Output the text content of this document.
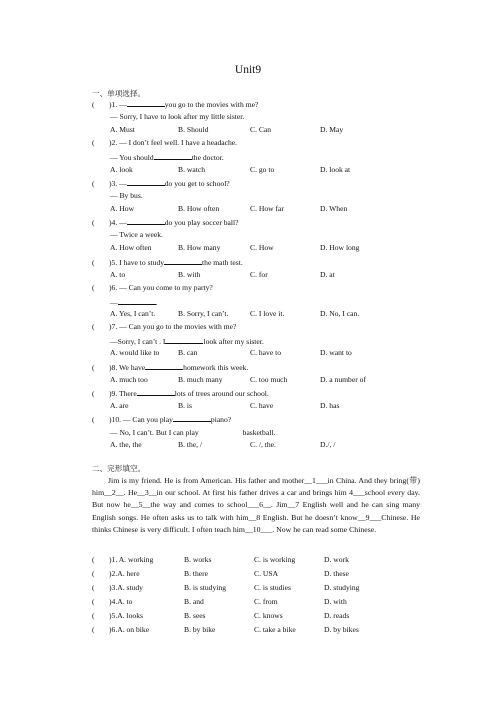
Unit9
一、单项选择。
( )1. —	you go to the movies with me?
— Sorry, I have to look after my little sister.
A. Must	B. Should	C. Can	D. May
( )2. — I don’t feel well. I have a headache.
— You should	the doctor.
A. look	B. watch	C. go to	D. look at
( )3. —	do you get to school?
— By bus.
A. How	B. How often	C. How far	D. When
( )4. —	do you play soccer ball?
— Twice a week.
A. How often	B. How many	C. How	D. How long
( )5. I have to study	the math test.
A. to	B. with	C. for	D. at
( )6. — Can you come to my party?
—	.
A. Yes, I can’t.	B. Sorry, I can’t.	C. I love it.	D. No, I can.
( )7. — Can you go to the movies with me?
—Sorry, I can’t . I	look after my sister.
A. would like to B. can	C. have to	D. want to
( )8. We have	homework this week.
A. much too	B. much many	C. too much	D. a number of
( )9. There	lots of trees around our school.
A. are	B. is	C. have	D. has
( )10. — Can you play	piano?
— No, I can’t. But I can play	basketball.
A. the, the	B. the, /	C. /, the.	D./, /
二、完形填空。

Jim is my friend. He is from American. His father and mother__1___in China. And they bring(带) him__2__. He__3__in our school. At first his father drives a car and brings him 4___school every day. But now he__5__the way and comes to school___6__. Jim__7 English well and he can sing many English songs. He often asks us to talk with him__8 English. But he doesn’t know__9___Chinese. He thinks Chinese is very difficult. I often teach him__10___. Now he can read some Chinese.

( )1. A. working	B. works	C. is working	D. work
( )2.A. here	B. there	C. USA	D. these
( )3.A. study	B. is studying	C. is studies	D. studying
( )4.A. to	B. and	C. from	D. with
( )5.A. looks	B. sees	C. knows	D. reads
( )6.A. on bike	B. by bike	C. take a bike	D. by bikes
